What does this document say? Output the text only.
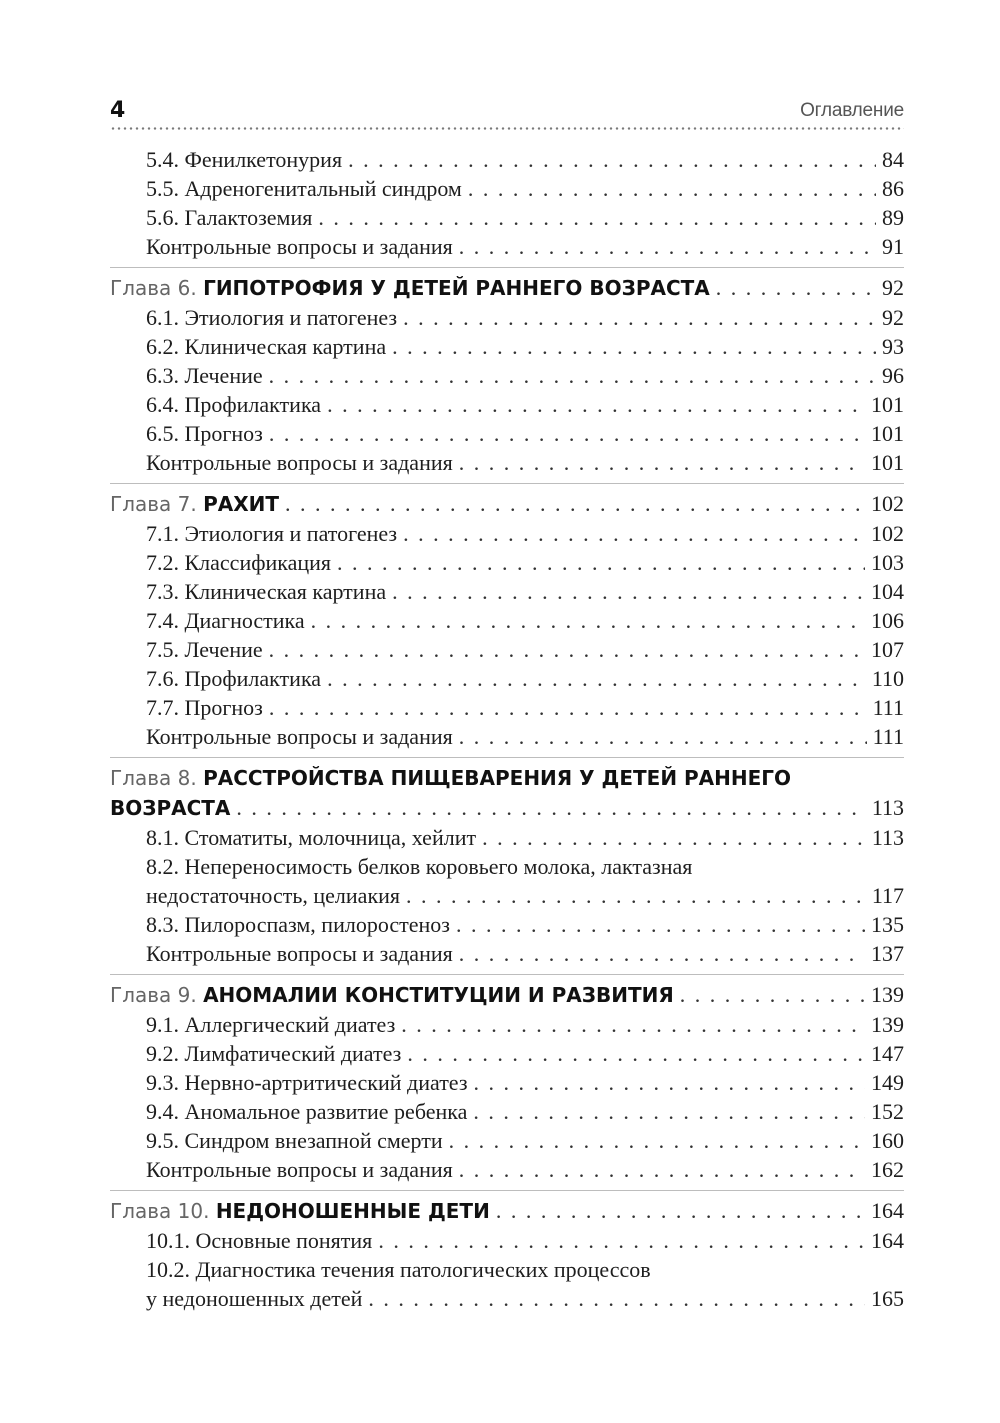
4	Оглавление
5.4. Фенилкетонурия . . .	84
5.5. Адреногенитальный синдром . . .	86
5.6. Галактоземия . . .	89
Контрольные вопросы и задания . . .	91
Глава 6. ГИПОТРОФИЯ У ДЕТЕЙ РАННЕГО ВОЗРАСТА . . .	92
6.1. Этиология и патогенез . . .	92
6.2. Клиническая картина . . .	93
6.3. Лечение . . .	96
6.4. Профилактика . . .	101
6.5. Прогноз . . .	101
Контрольные вопросы и задания . . .	101
Глава 7. РАХИТ . . .	102
7.1. Этиология и патогенез . . .	102
7.2. Классификация . . .	103
7.3. Клиническая картина . . .	104
7.4. Диагностика . . .	106
7.5. Лечение . . .	107
7.6. Профилактика . . .	110
7.7. Прогноз . . .	111
Контрольные вопросы и задания . . .	111
Глава 8. РАССТРОЙСТВА ПИЩЕВАРЕНИЯ У ДЕТЕЙ РАННЕГО
ВОЗРАСТА . . .	113
8.1. Стоматиты, молочница, хейлит . . .	113
8.2. Непереносимость белков коровьего молока, лактазная
недостаточность, целиакия . . .	117
8.3. Пилороспазм, пилоростеноз . . .	135
Контрольные вопросы и задания . . .	137
Глава 9. АНОМАЛИИ КОНСТИТУЦИИ И РАЗВИТИЯ . . .	139
9.1. Аллергический диатез . . .	139
9.2. Лимфатический диатез . . .	147
9.3. Нервно-артритический диатез . . .	149
9.4. Аномальное развитие ребенка . . .	152
9.5. Синдром внезапной смерти . . .	160
Контрольные вопросы и задания . . .	162
Глава 10. НЕДОНОШЕННЫЕ ДЕТИ . . .	164
10.1. Основные понятия . . .	164
10.2. Диагностика течения патологических процессов
у недоношенных детей . . .	165
